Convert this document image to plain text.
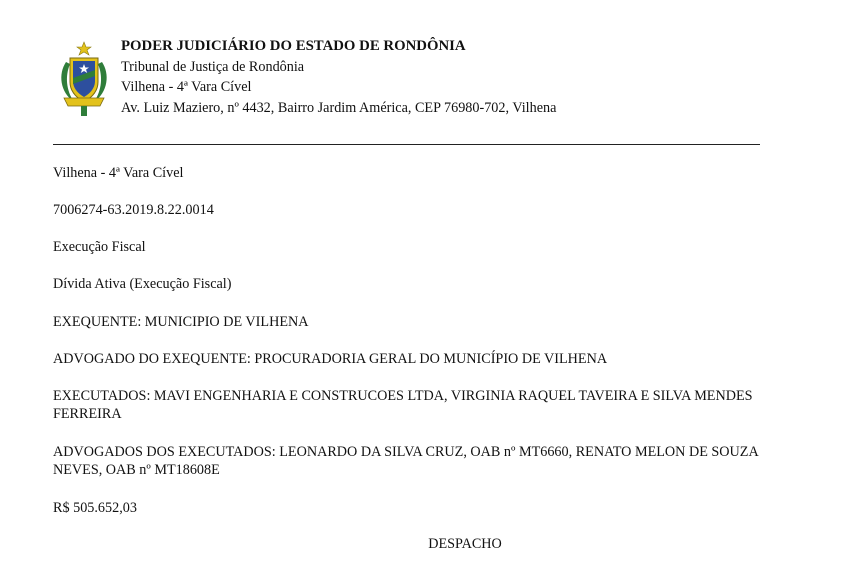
PODER JUDICIÁRIO DO ESTADO DE RONDÔNIA
Tribunal de Justiça de Rondônia
Vilhena - 4ª Vara Cível
Av. Luiz Maziero, nº 4432, Bairro Jardim América, CEP 76980-702, Vilhena
Vilhena - 4ª Vara Cível
7006274-63.2019.8.22.0014
Execução Fiscal
Dívida Ativa (Execução Fiscal)
EXEQUENTE: MUNICIPIO DE VILHENA
ADVOGADO DO EXEQUENTE: PROCURADORIA GERAL DO MUNICÍPIO DE VILHENA
EXECUTADOS: MAVI ENGENHARIA E CONSTRUCOES LTDA, VIRGINIA RAQUEL TAVEIRA E SILVA MENDES FERREIRA
ADVOGADOS DOS EXECUTADOS: LEONARDO DA SILVA CRUZ, OAB nº MT6660, RENATO MELON DE SOUZA NEVES, OAB nº MT18608E
R$ 505.652,03
DESPACHO
